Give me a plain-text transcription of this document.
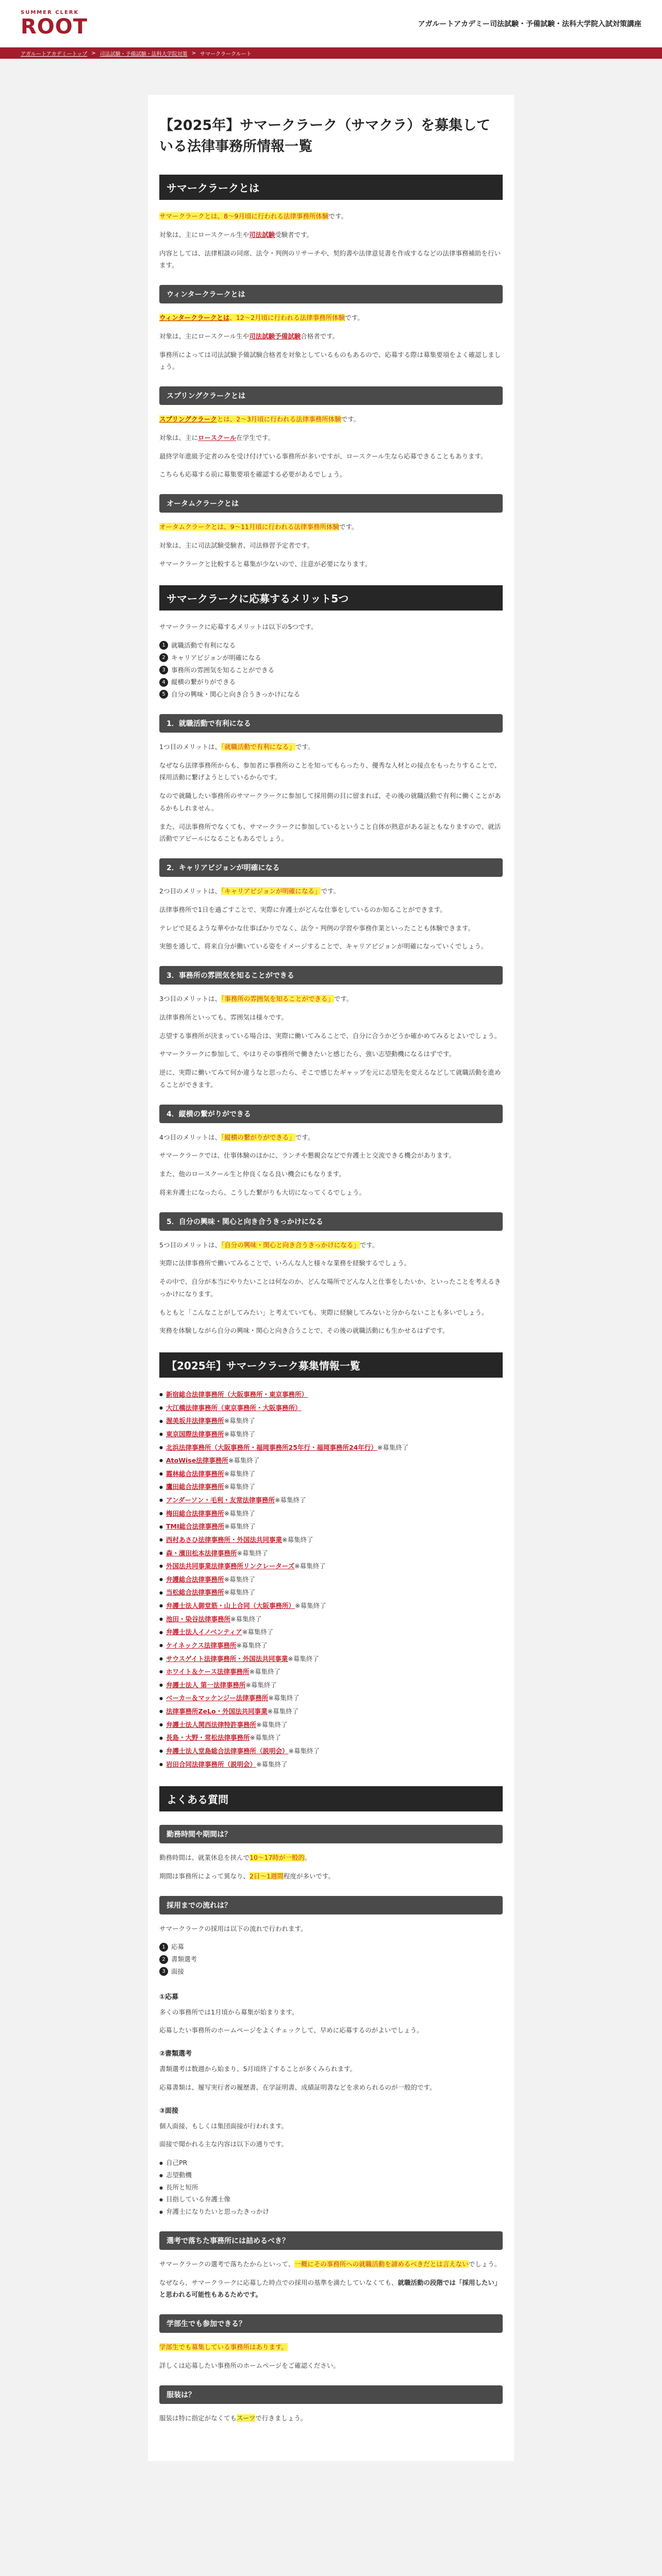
SUMMER CLERK
ROOT	アガルートアカデミー司法試験・予備試験・法科大学院入試対策講座
アガルートアカデミートップ > 司法試験・予備試験・法科大学院対策 > サマークラークルート
【2025年】サマークラーク（サマクラ）を募集している法律事務所情報一覧
サマークラークとは

サマークラークとは、8～9月頃に行われる法律事務所体験です。

対象は、主にロースクール生や司法試験受験者です。

内容としては、法律相談の同席、法令・判例のリサーチや、契約書や法律意見書を作成するなどの法律事務補助を行います。

ウィンタークラークとは

ウィンタークラークとは、12～2月頃に行われる法律事務所体験です。

対象は、主にロースクール生や司法試験予備試験合格者です。

事務所によっては司法試験予備試験合格者を対象としているものもあるので、応募する際は募集要項をよく確認しましょう。

スプリングクラークとは

スプリングクラークとは、2～3月頃に行われる法律事務所体験です。

対象は、主にロースクール在学生です。

最終学年進級予定者のみを受け付けている事務所が多いですが、ロースクール生なら応募できることもあります。

こちらも応募する前に募集要項を確認する必要があるでしょう。

オータムクラークとは

オータムクラークとは、9～11月頃に行われる法律事務所体験です。

対象は、主に司法試験受験者、司法修習予定者です。

サマークラークと比較すると募集が少ないので、注意が必要になります。

サマークラークに応募するメリット5つ

サマークラークに応募するメリットは以下の5つです。

1 就職活動で有利になる
2 キャリアビジョンが明確になる
3 事務所の雰囲気を知ることができる
4 縦横の繋がりができる
5 自分の興味・関心と向き合うきっかけになる
1．就職活動で有利になる

1つ目のメリットは、「就職活動で有利になる」です。

なぜなら法律事務所からも、参加者に事務所のことを知ってもらったり、優秀な人材との接点をもったりすることで、採用活動に繋げようとしているからです。

なので就職したい事務所のサマークラークに参加して採用側の目に留まれば、その後の就職活動で有利に働くことがあるかもしれません。

また、司法事務所でなくても、サマークラークに参加しているということ自体が熱意がある証ともなりますので、就活活動でアピールになることもあるでしょう。

2．キャリアビジョンが明確になる

2つ目のメリットは、「キャリアビジョンが明確になる」です。

法律事務所で1日を過ごすことで、実際に弁護士がどんな仕事をしているのか知ることができます。

テレビで見るような華やかな仕事ばかりでなく、法令・判例の学習や事務作業といったことも体験できます。

実態を通して、将来自分が働いている姿をイメージすることで、キャリアビジョンが明確になっていくでしょう。

3．事務所の雰囲気を知ることができる

3つ目のメリットは、「事務所の雰囲気を知ることができる」です。

法律事務所といっても、雰囲気は様々です。

志望する事務所が決まっている場合は、実際に働いてみることで、自分に合うかどうか確かめてみるとよいでしょう。

サマークラークに参加して、やはりその事務所で働きたいと感じたら、強い志望動機になるはずです。

逆に、実際に働いてみて何か違うなと思ったら、そこで感じたギャップを元に志望先を変えるなどして就職活動を進めることができます。

4．縦横の繋がりができる

4つ目のメリットは、「縦横の繋がりができる」です。

サマークラークでは、仕事体験のほかに、ランチや懇親会などで弁護士と交流できる機会があります。

また、他のロースクール生と仲良くなる良い機会にもなります。

将来弁護士になったら、こうした繋がりも大切になってくるでしょう。

5．自分の興味・関心と向き合うきっかけになる

5つ目のメリットは、「自分の興味・関心と向き合うきっかけになる」です。

実際に法律事務所で働いてみることで、いろんな人と様々な業務を経験するでしょう。

その中で、自分が本当にやりたいことは何なのか、どんな場所でどんな人と仕事をしたいか、といったことを考えるきっかけになります。

もともと「こんなことがしてみたい」と考えていても、実際に経験してみないと分からないことも多いでしょう。

実務を体験しながら自分の興味・関心と向き合うことで、その後の就職活動にも生かせるはずです。

【2025年】サマークラーク募集情報一覧
● 新宿総合法律事務所（大阪事務所・東京事務所）
● 大江橋法律事務所（東京事務所・大阪事務所）
● 渥美坂井法律事務所※募集終了
● 東京国際法律事務所※募集終了
● 北浜法律事務所（大阪事務所・福岡事務所25年行・福岡事務所24年行）※募集終了
● AtoWise法律事務所※募集終了
● 霞林総合法律事務所※募集終了
● 鷹田総合法律事務所※募集終了
● アンダーソン・毛利・友常法律事務所※募集終了
● 梅田総合法律事務所※募集終了
● TMI総合法律事務所※募集終了
● 西村あさひ法律事務所・外国法共同事業※募集終了
● 森・濱田松本法律事務所※募集終了
● 外国法共同事業法律事務所リンクレーターズ※募集終了
● 弁護総合法律事務所※募集終了
● 当松総合法律事務所※募集終了
● 弁護士法人御堂筋・山上合同（大阪事務所）※募集終了
● 池田・染谷法律事務所※募集終了
● 弁護士法人イノベンティア※募集終了
● ケイネックス法律事務所※募集終了
● サウスゲイト法律事務所・外国法共同事業※募集終了
● ホワイト＆ケース法律事務所※募集終了
● 弁護士法人 第一法律事務所※募集終了
● ベーカー＆マッケンジー法律事務所※募集終了
● 法律事務所ZeLo・外国法共同事業※募集終了
● 弁護士法人関西法律特許事務所※募集終了
● 長島・大野・常松法律事務所※募集終了
● 弁護士法人堂島総合法律事務所（説明会）※募集終了
● 岩田合同法律事務所（説明会）※募集終了
よくある質問
勤務時間や期間は？

勤務時間は、就業休息を挟んで10～17時が一般的。

期間は事務所によって異なり、2日～1週間程度が多いです。

採用までの流れは？

サマークラークの採用は以下の流れで行われます。

1 応募
2 書類選考
3 面接
①応募

多くの事務所では1月頃から募集が始まります。

応募したい事務所のホームページをよくチェックして、早めに応募するのがよいでしょう。

②書類選考

書類選考は数週から始まり、5月頃終了することが多くみられます。

応募書類は、履写実行者の履歴書、在学証明書、成績証明書などを求められるのが一般的です。

③面接

個人面接、もしくは集団面接が行われます。

面接で聞かれる主な内容は以下の通りです。

● 自己PR
● 志望動機
● 長所と短所
● 目指している弁護士像
● 弁護士になりたいと思ったきっかけ
選考で落ちた事務所には詰めるべき？

サマークラークの選考で落ちたからといって、一概にその事務所への就職活動を諦めるべきだとは言えないでしょう。

なぜなら、サマークラークに応募した時点での採用の基準を満たしていなくても、就職活動の段階では「採用したい」と思われる可能性もあるためです。

学部生でも参加できる？

学部生でも募集している事務所はあります。

詳しくは応募したい事務所のホームページをご確認ください。

服装は？

服装は特に指定がなくてもスーツで行きましょう。
